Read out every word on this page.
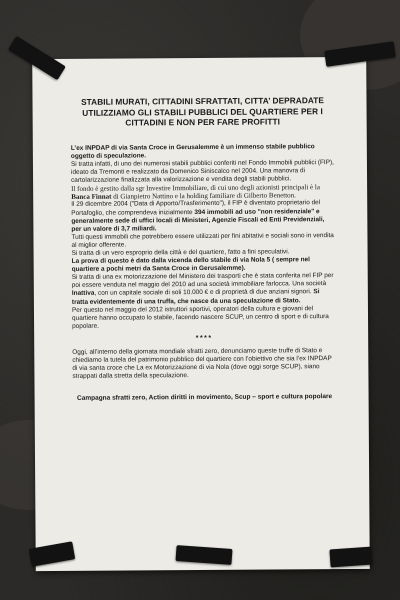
STABILI MURATI, CITTADINI SFRATTATI, CITTA’ DEPRADATE UTILIZZIAMO GLI STABILI PUBBLICI DEL QUARTIERE PER I CITTADINI E NON PER FARE PROFITTI

L’ex INPDAP di via Santa Croce in Gerusalemme è un immenso stabile pubblico oggetto di speculazione.

Si tratta infatti, di uno dei numerosi stabili pubblici conferiti nel Fondo Immobili pubblici (FIP), ideato da Tremonti e realizzato da Domenico Siniscalco nel 2004. Una manovra di cartolarizzazione finalizzata alla valorizzazione e vendita degli stabili pubblici.

Il fondo è gestito dalla sgr Investire Immobiliare, di cui uno degli azionisti principali è la Banca Finnat di Gianpietro Nattino e la holding familiare di Gilberto Benetton.

Il 29 dicembre 2004 ("Data di Apporto/Trasferimento"), il FIP è diventato proprietario del Portafoglio, che comprendeva inizialmente 394 immobili ad uso "non residenziale" e generalmente sede di uffici locali di Ministeri, Agenzie Fiscali ed Enti Previdenziali, per un valore di 3,7 miliardi.

Tutti questi immobili che potrebbero essere utilizzati per fini abitativi e sociali sono in vendita al miglior offerente.

Si tratta di un vero esproprio della città e del quartiere, fatto a fini speculativi.

La prova di questo è dato dalla vicenda dello stabile di via Nola 5 ( sempre nel quartiere a pochi metri da Santa Croce in Gerusalemme).

Si tratta di una ex motorizzazione del Ministero dei trasporti che è stata conferita nel FIP per poi essere venduta nel maggio del 2010 ad una società immobiliare farlocca. Una società Inattiva, con un capitale sociale di soli 10.000 € e di proprietà di due anziani signori. Si tratta evidentemente di una truffa, che nasce da una speculazione di Stato.

Per questo nel maggio del 2012 istruttori sportivi, operatori della cultura e giovani del quartiere hanno occupato lo stabile, facendo nascere SCUP, un centro di sport e di cultura popolare.

****

Oggi, all’interno della giornata mondiale sfratti zero, denunciamo queste truffe di Stato e chiediamo la tutela del patrimonio pubblico del quartiere con l’obiettivo che sia l’ex INPDAP di via santa croce che La ex Motorizzazione di via Nola (dove oggi sorge SCUP), siano strappati dalla stretta della speculazione.

Campagna sfratti zero, Action diritti in movimento, Scup – sport e cultura popolare
